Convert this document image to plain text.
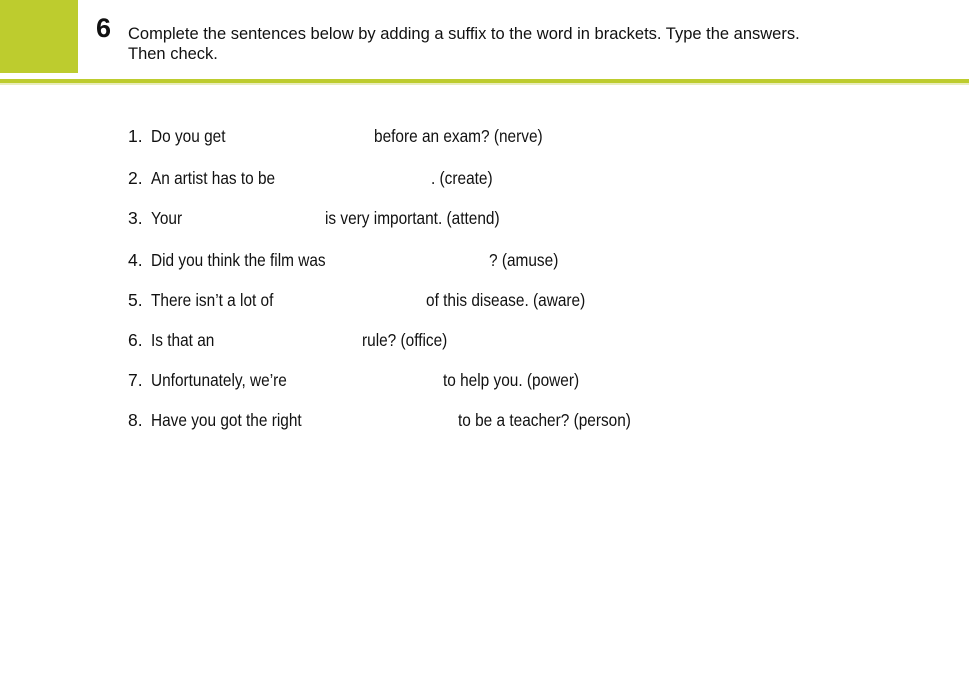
6 Complete the sentences below by adding a suffix to the word in brackets. Type the answers.
Then check.
1. Do you get	before an exam? (nerve)
2. An artist has to be	. (create)
3. Your	is very important. (attend)
4. Did you think the film was	? (amuse)
5. There isn’t a lot of	of this disease. (aware)
6. Is that an	rule? (office)
7. Unfortunately, we’re	to help you. (power)
8. Have you got the right	to be a teacher? (person)
